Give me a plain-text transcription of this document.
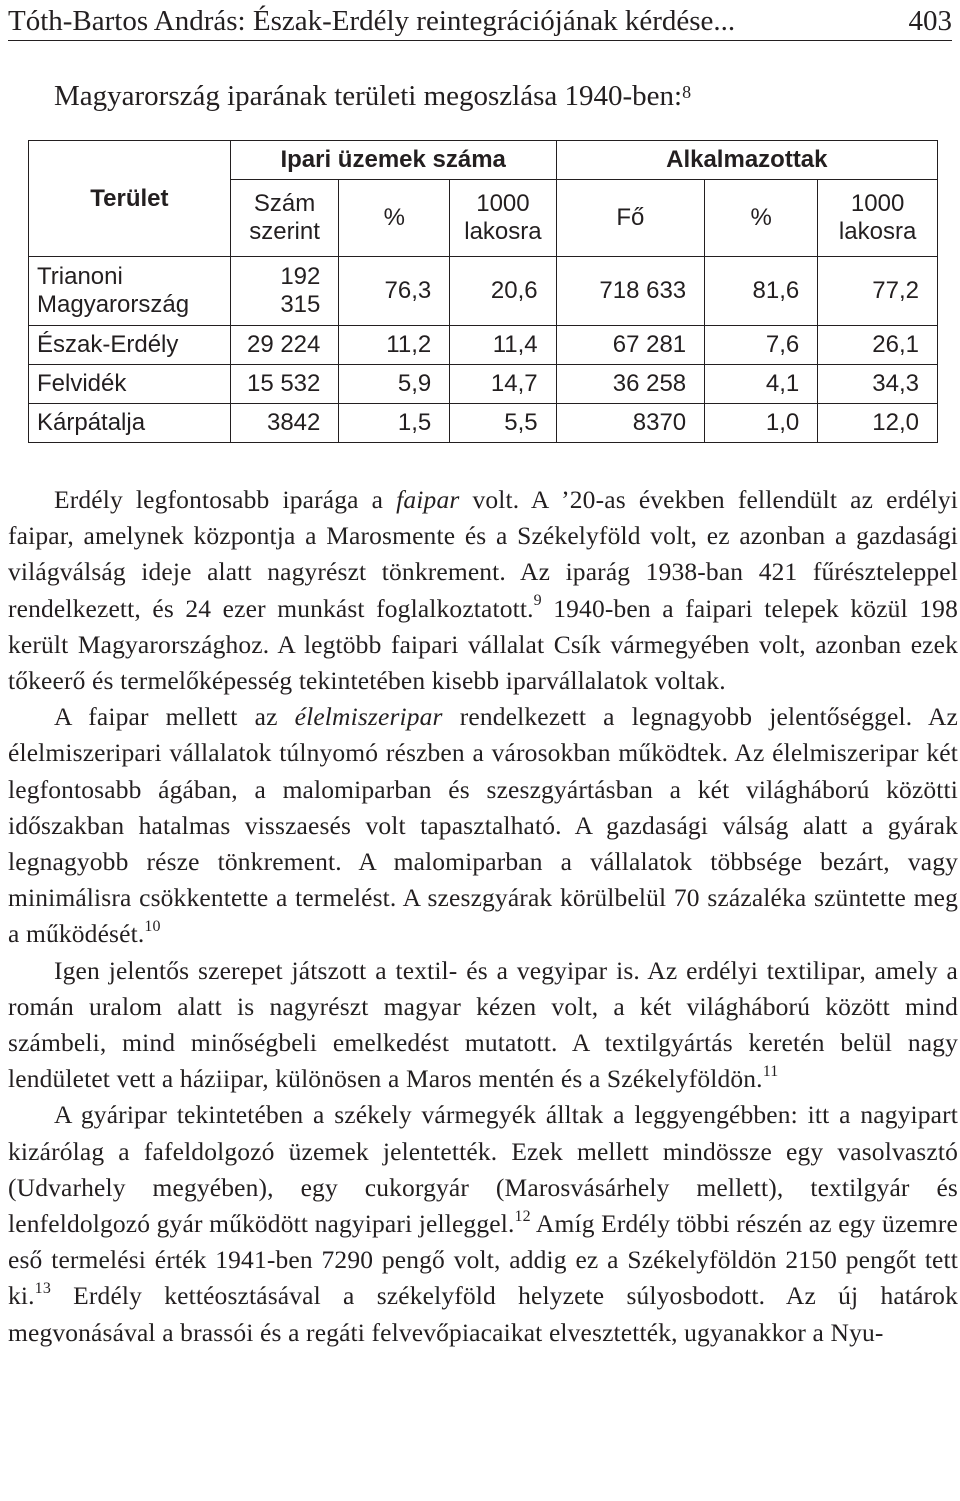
Tóth-Bartos András: Észak-Erdély reintegrációjának kérdése...	403
Magyarország iparának területi megoszlása 1940-ben:$^8$
Terület	Ipari üzemek száma			Alkalmazottak		
	Szám szerint	%	1000 lakosra	Fő	%	1000 lakosra
Trianoni Magyarország	192 315	76,3	20,6	718 633	81,6	77,2
Észak-Erdély	29 224	11,2	11,4	67 281	7,6	26,1
Felvidék	15 532	5,9	14,7	36 258	4,1	34,3
Kárpátalja	3842	1,5	5,5	8370	1,0	12,0

Erdély legfontosabb iparága a faipar volt. A ’20-as években fellendült az erdélyi faipar, amelynek központja a Marosmente és a Székelyföld volt, ez azonban a gazdasági világválság ideje alatt nagyrészt tönkrement. Az iparág 1938-ban 421 fűrészteleppel rendelkezett, és 24 ezer munkást foglalkoztatott.$^9$ 1940-ben a faipari telepek közül 198 került Magyarországhoz. A legtöbb faipari vállalat Csík vármegyében volt, azonban ezek tőkeerő és termelőképesség tekintetében kisebb iparvállalatok voltak.

A faipar mellett az élelmiszeripar rendelkezett a legnagyobb jelentőséggel. Az élelmiszeripari vállalatok túlnyomó részben a városokban működtek. Az élelmiszeripar két legfontosabb ágában, a malomiparban és szeszgyártásban a két világháború közötti időszakban hatalmas visszaesés volt tapasztalható. A gazdasági válság alatt a gyárak legnagyobb része tönkrement. A malomiparban a vállalatok többsége bezárt, vagy minimálisra csökkentette a termelést. A szeszgyárak körülbelül 70 százaléka szüntette meg a működését.$^{10}$

Igen jelentős szerepet játszott a textil- és a vegyipar is. Az erdélyi textilipar, amely a román uralom alatt is nagyrészt magyar kézen volt, a két világháború között mind számbeli, mind minőségbeli emelkedést mutatott. A textilgyártás keretén belül nagy lendületet vett a háziipar, különösen a Maros mentén és a Székelyföldön.$^{11}$

A gyáripar tekintetében a székely vármegyék álltak a leggyengébben: itt a nagyipart kizárólag a fafeldolgozó üzemek jelentették. Ezek mellett mindössze egy vasolvasztó (Udvarhely megyében), egy cukorgyár (Marosvásárhely mellett), textilgyár és lenfeldolgozó gyár működött nagyipari jelleggel.$^{12}$ Amíg Erdély többi részén az egy üzemre eső termelési érték 1941-ben 7290 pengő volt, addig ez a Székelyföldön 2150 pengőt tett ki.$^{13}$ Erdély kettéosztásával a székelyföld helyzete súlyosbodott. Az új határok megvonásával a brassói és a regáti felvevőpiacaikat elvesztették, ugyanakkor a Nyu-
